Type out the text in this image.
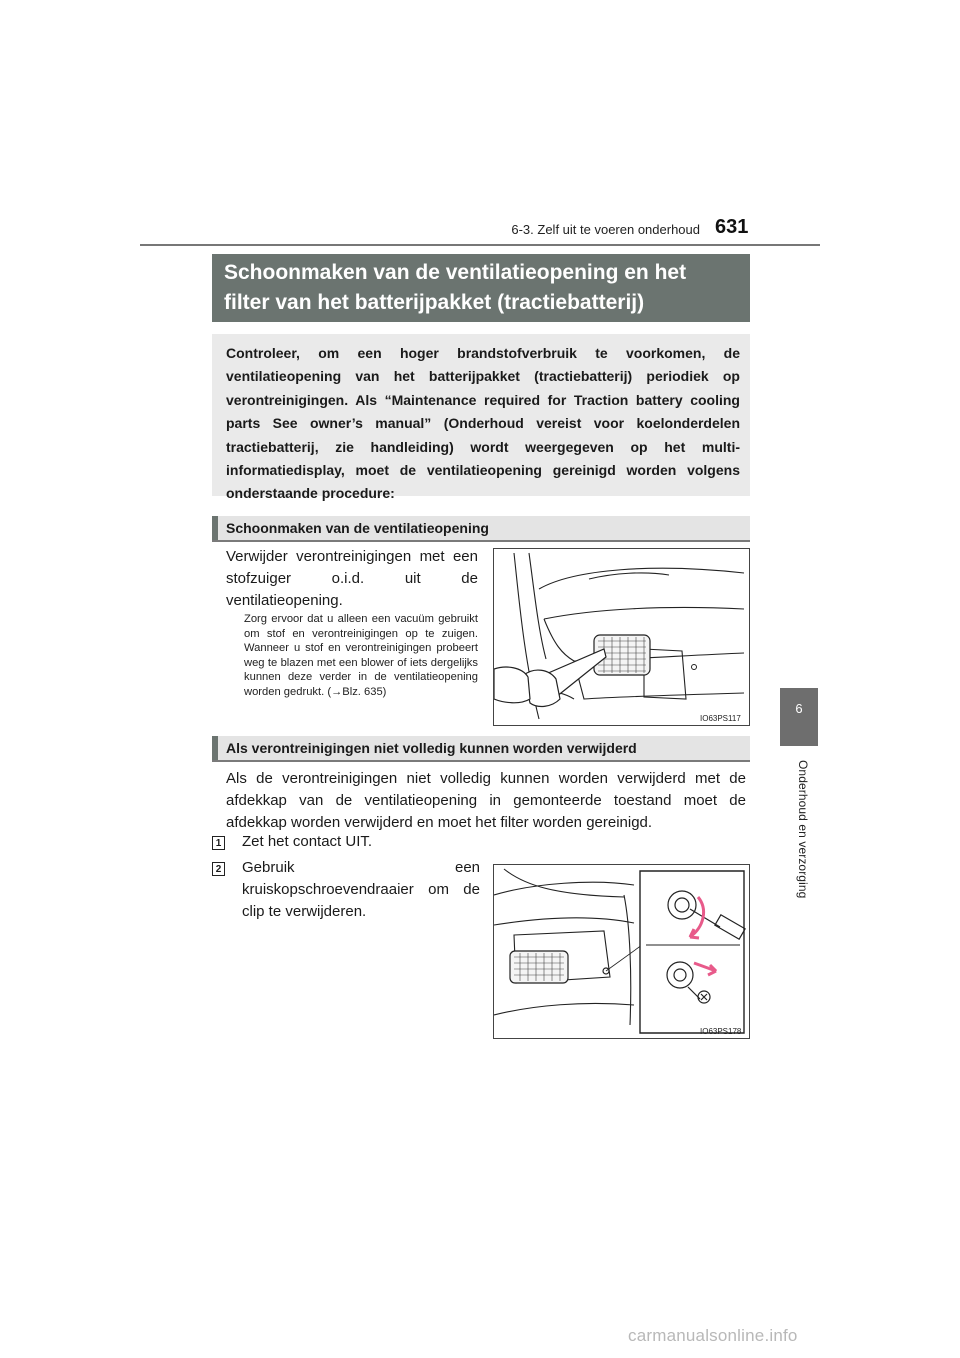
6-3. Zelf uit te voeren onderhoud 631
6
Onderhoud en verzorging
Schoonmaken van de ventilatieopening en het
filter van het batterijpakket (tractiebatterij)
Controleer, om een hoger brandstofverbruik te voorkomen, de ventilatieopening van het batterijpakket (tractiebatterij) periodiek op verontreinigingen. Als “Maintenance required for Traction battery cooling parts See owner’s manual” (Onderhoud vereist voor koelonderdelen tractiebatterij, zie handleiding) wordt weergegeven op het multi-informatiedisplay, moet de ventilatieopening gereinigd worden volgens onderstaande procedure:
Schoonmaken van de ventilatieopening
Verwijder verontreinigingen met een stofzuiger o.i.d. uit de ventilatieopening.
Zorg ervoor dat u alleen een vacuüm gebruikt om stof en verontreinigingen op te zuigen. Wanneer u stof en verontreinigingen probeert weg te blazen met een blower of iets dergelijks kunnen deze verder in de ventilatieopening worden gedrukt. (→Blz. 635)
IO63PS117
Als verontreinigingen niet volledig kunnen worden verwijderd
Als de verontreinigingen niet volledig kunnen worden verwijderd met de afdekkap van de ventilatieopening in gemonteerde toestand moet de afdekkap worden verwijderd en moet het filter worden gereinigd.
1 Zet het contact UIT.
2 Gebruik een kruiskopschroevendraaier om de clip te verwijderen.
IO63PS178
carmanualsonline.info
